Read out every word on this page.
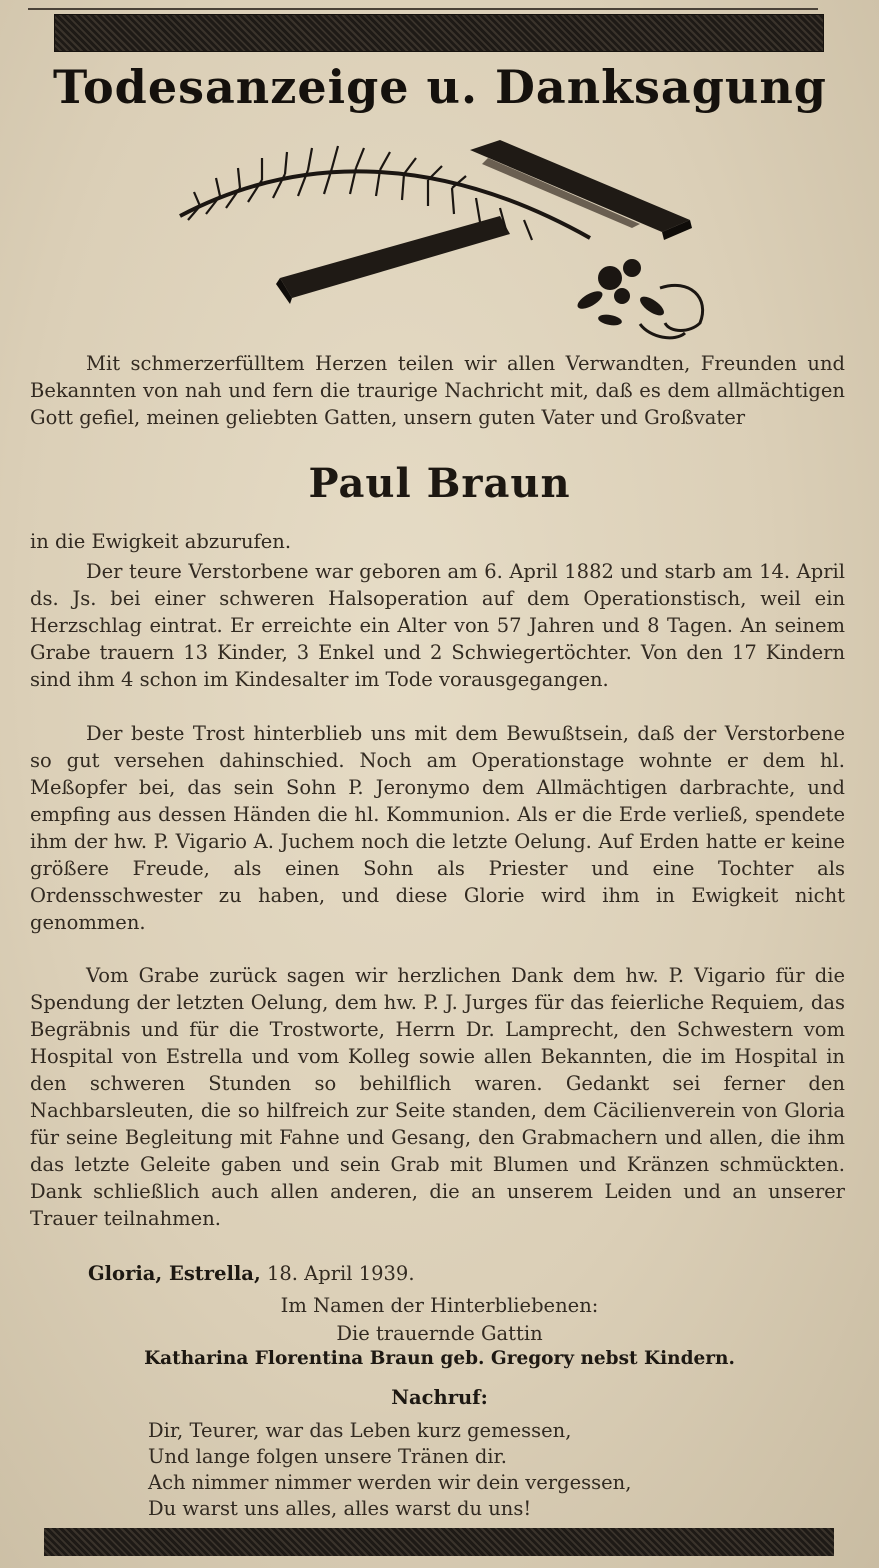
Todesanzeige u. Danksagung
Mit schmerzerfülltem Herzen teilen wir allen Verwandten, Freunden und Bekannten von nah und fern die traurige Nachricht mit, daß es dem allmächtigen Gott gefiel, meinen geliebten Gatten, unsern guten Vater und Großvater
Paul Braun
in die Ewigkeit abzurufen.
Der teure Verstorbene war geboren am 6. April 1882 und starb am 14. April ds. Js. bei einer schweren Halsoperation auf dem Operationstisch, weil ein Herzschlag eintrat. Er erreichte ein Alter von 57 Jahren und 8 Tagen. An seinem Grabe trauern 13 Kinder, 3 Enkel und 2 Schwiegertöchter. Von den 17 Kindern sind ihm 4 schon im Kindesalter im Tode vorausgegangen.
Der beste Trost hinterblieb uns mit dem Bewußtsein, daß der Verstorbene so gut versehen dahinschied. Noch am Operationstage wohnte er dem hl. Meßopfer bei, das sein Sohn P. Jeronymo dem Allmächtigen darbrachte, und empfing aus dessen Händen die hl. Kommunion. Als er die Erde verließ, spendete ihm der hw. P. Vigario A. Juchem noch die letzte Oelung. Auf Erden hatte er keine größere Freude, als einen Sohn als Priester und eine Tochter als Ordensschwester zu haben, und diese Glorie wird ihm in Ewigkeit nicht genommen.
Vom Grabe zurück sagen wir herzlichen Dank dem hw. P. Vigario für die Spendung der letzten Oelung, dem hw. P. J. Jurges für das feierliche Requiem, das Begräbnis und für die Trostworte, Herrn Dr. Lamprecht, den Schwestern vom Hospital von Estrella und vom Kolleg sowie allen Bekannten, die im Hospital in den schweren Stunden so behilflich waren. Gedankt sei ferner den Nachbarsleuten, die so hilfreich zur Seite standen, dem Cäcilienverein von Gloria für seine Begleitung mit Fahne und Gesang, den Grabmachern und allen, die ihm das letzte Geleite gaben und sein Grab mit Blumen und Kränzen schmückten. Dank schließlich auch allen anderen, die an unserem Leiden und an unserer Trauer teilnahmen.
Gloria, Estrella, 18. April 1939.
Im Namen der Hinterbliebenen:
Die trauernde Gattin
Katharina Florentina Braun geb. Gregory nebst Kindern.
Nachruf:
Dir, Teurer, war das Leben kurz gemessen,
Und lange folgen unsere Tränen dir.
Ach nimmer nimmer werden wir dein vergessen,
Du warst uns alles, alles warst du uns!
